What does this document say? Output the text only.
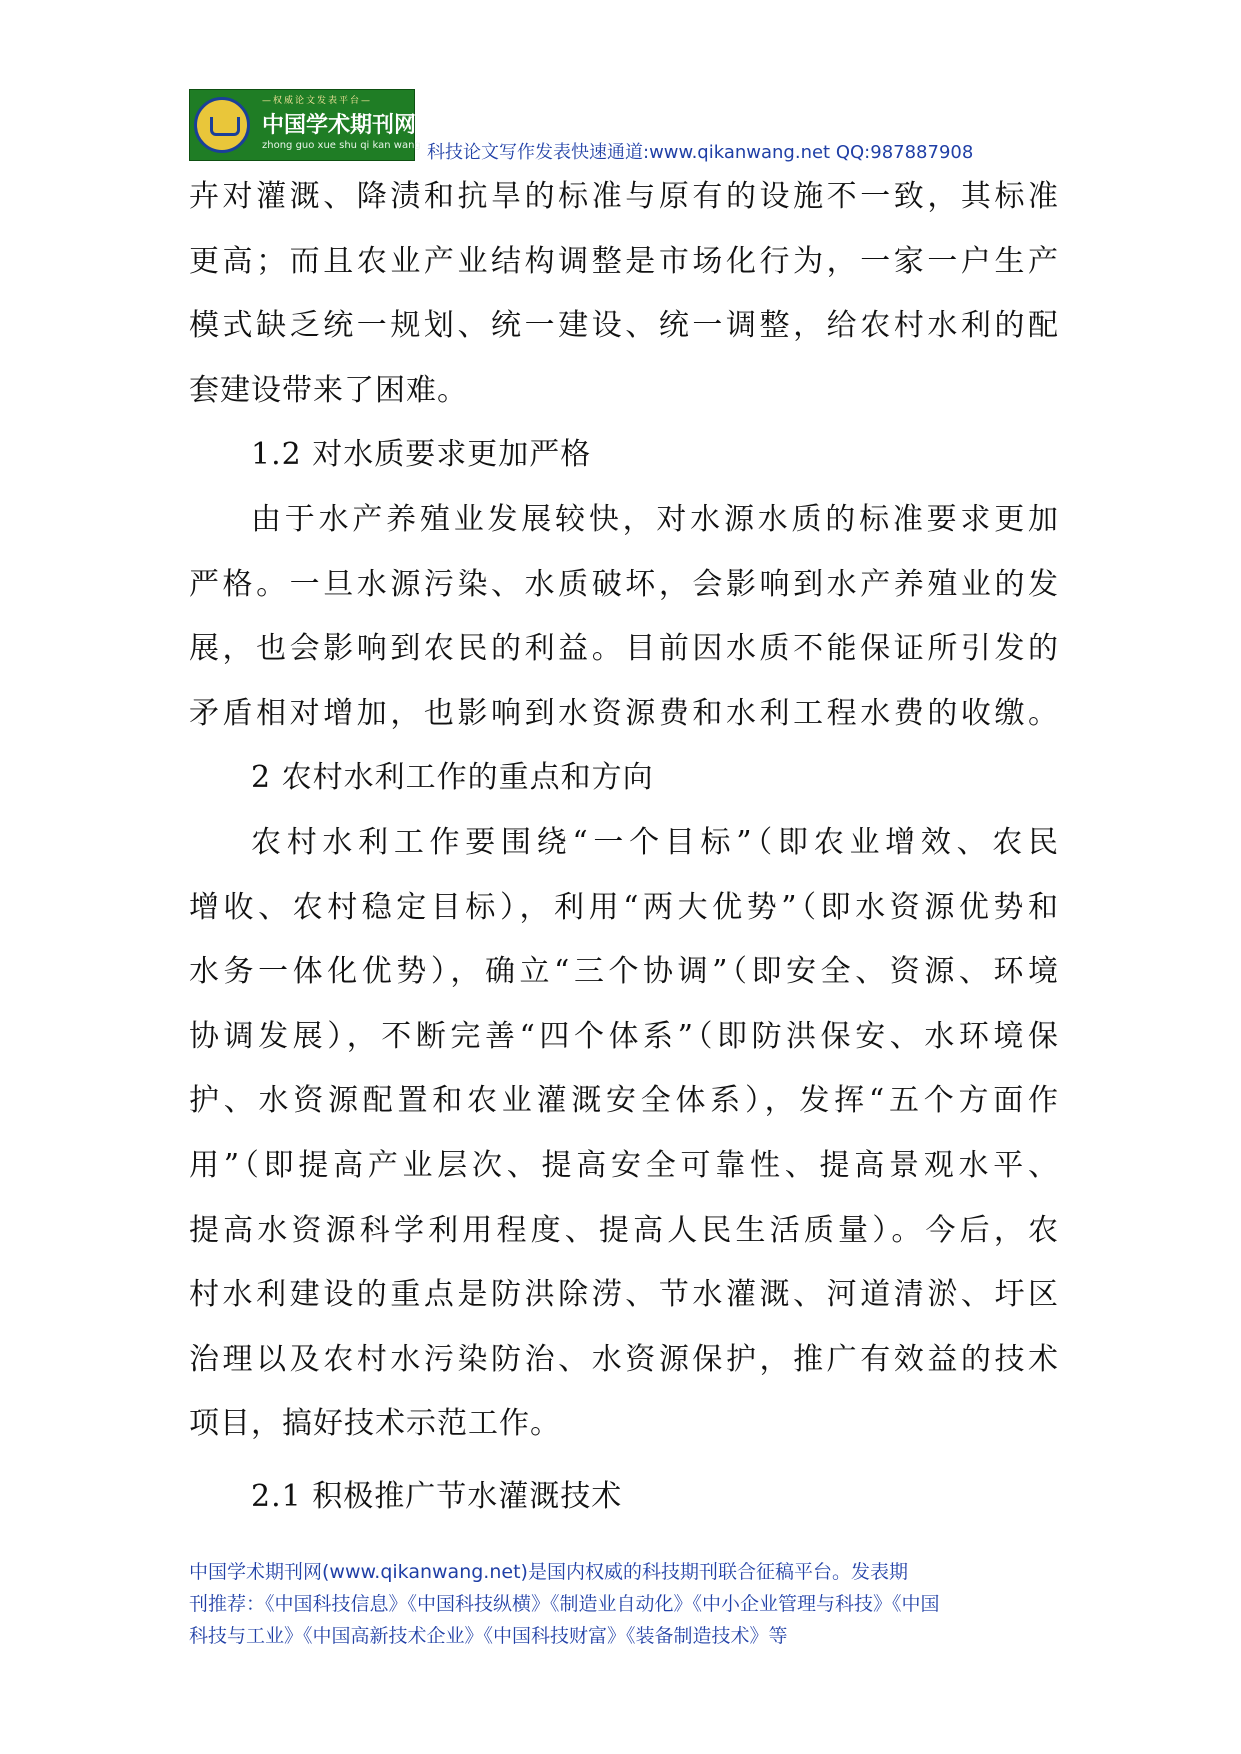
—权威论文发表平台—
中国学术期刊网
zhong guo xue shu qi kan wang 科技论文写作发表快速通道:www.qikanwang.net QQ:987887908

卉对灌溉、降渍和抗旱的标准与原有的设施不一致，其标准

更高；而且农业产业结构调整是市场化行为，一家一户生产

模式缺乏统一规划、统一建设、统一调整，给农村水利的配

套建设带来了困难。

1.2 对水质要求更加严格

由于水产养殖业发展较快，对水源水质的标准要求更加

严格。一旦水源污染、水质破坏，会影响到水产养殖业的发

展，也会影响到农民的利益。目前因水质不能保证所引发的

矛盾相对增加，也影响到水资源费和水利工程水费的收缴。

2 农村水利工作的重点和方向

农村水利工作要围绕“一个目标”（即农业增效、农民

增收、农村稳定目标），利用“两大优势”（即水资源优势和

水务一体化优势），确立“三个协调”（即安全、资源、环境

协调发展），不断完善“四个体系”（即防洪保安、水环境保

护、水资源配置和农业灌溉安全体系），发挥“五个方面作

用”（即提高产业层次、提高安全可靠性、提高景观水平、

提高水资源科学利用程度、提高人民生活质量）。今后，农

村水利建设的重点是防洪除涝、节水灌溉、河道清淤、圩区

治理以及农村水污染防治、水资源保护，推广有效益的技术

项目，搞好技术示范工作。

2.1 积极推广节水灌溉技术

中国学术期刊网(www.qikanwang.net)是国内权威的科技期刊联合征稿平台。发表期

刊推荐：《中国科技信息》《中国科技纵横》《制造业自动化》《中小企业管理与科技》《中国

科技与工业》《中国高新技术企业》《中国科技财富》《装备制造技术》等
